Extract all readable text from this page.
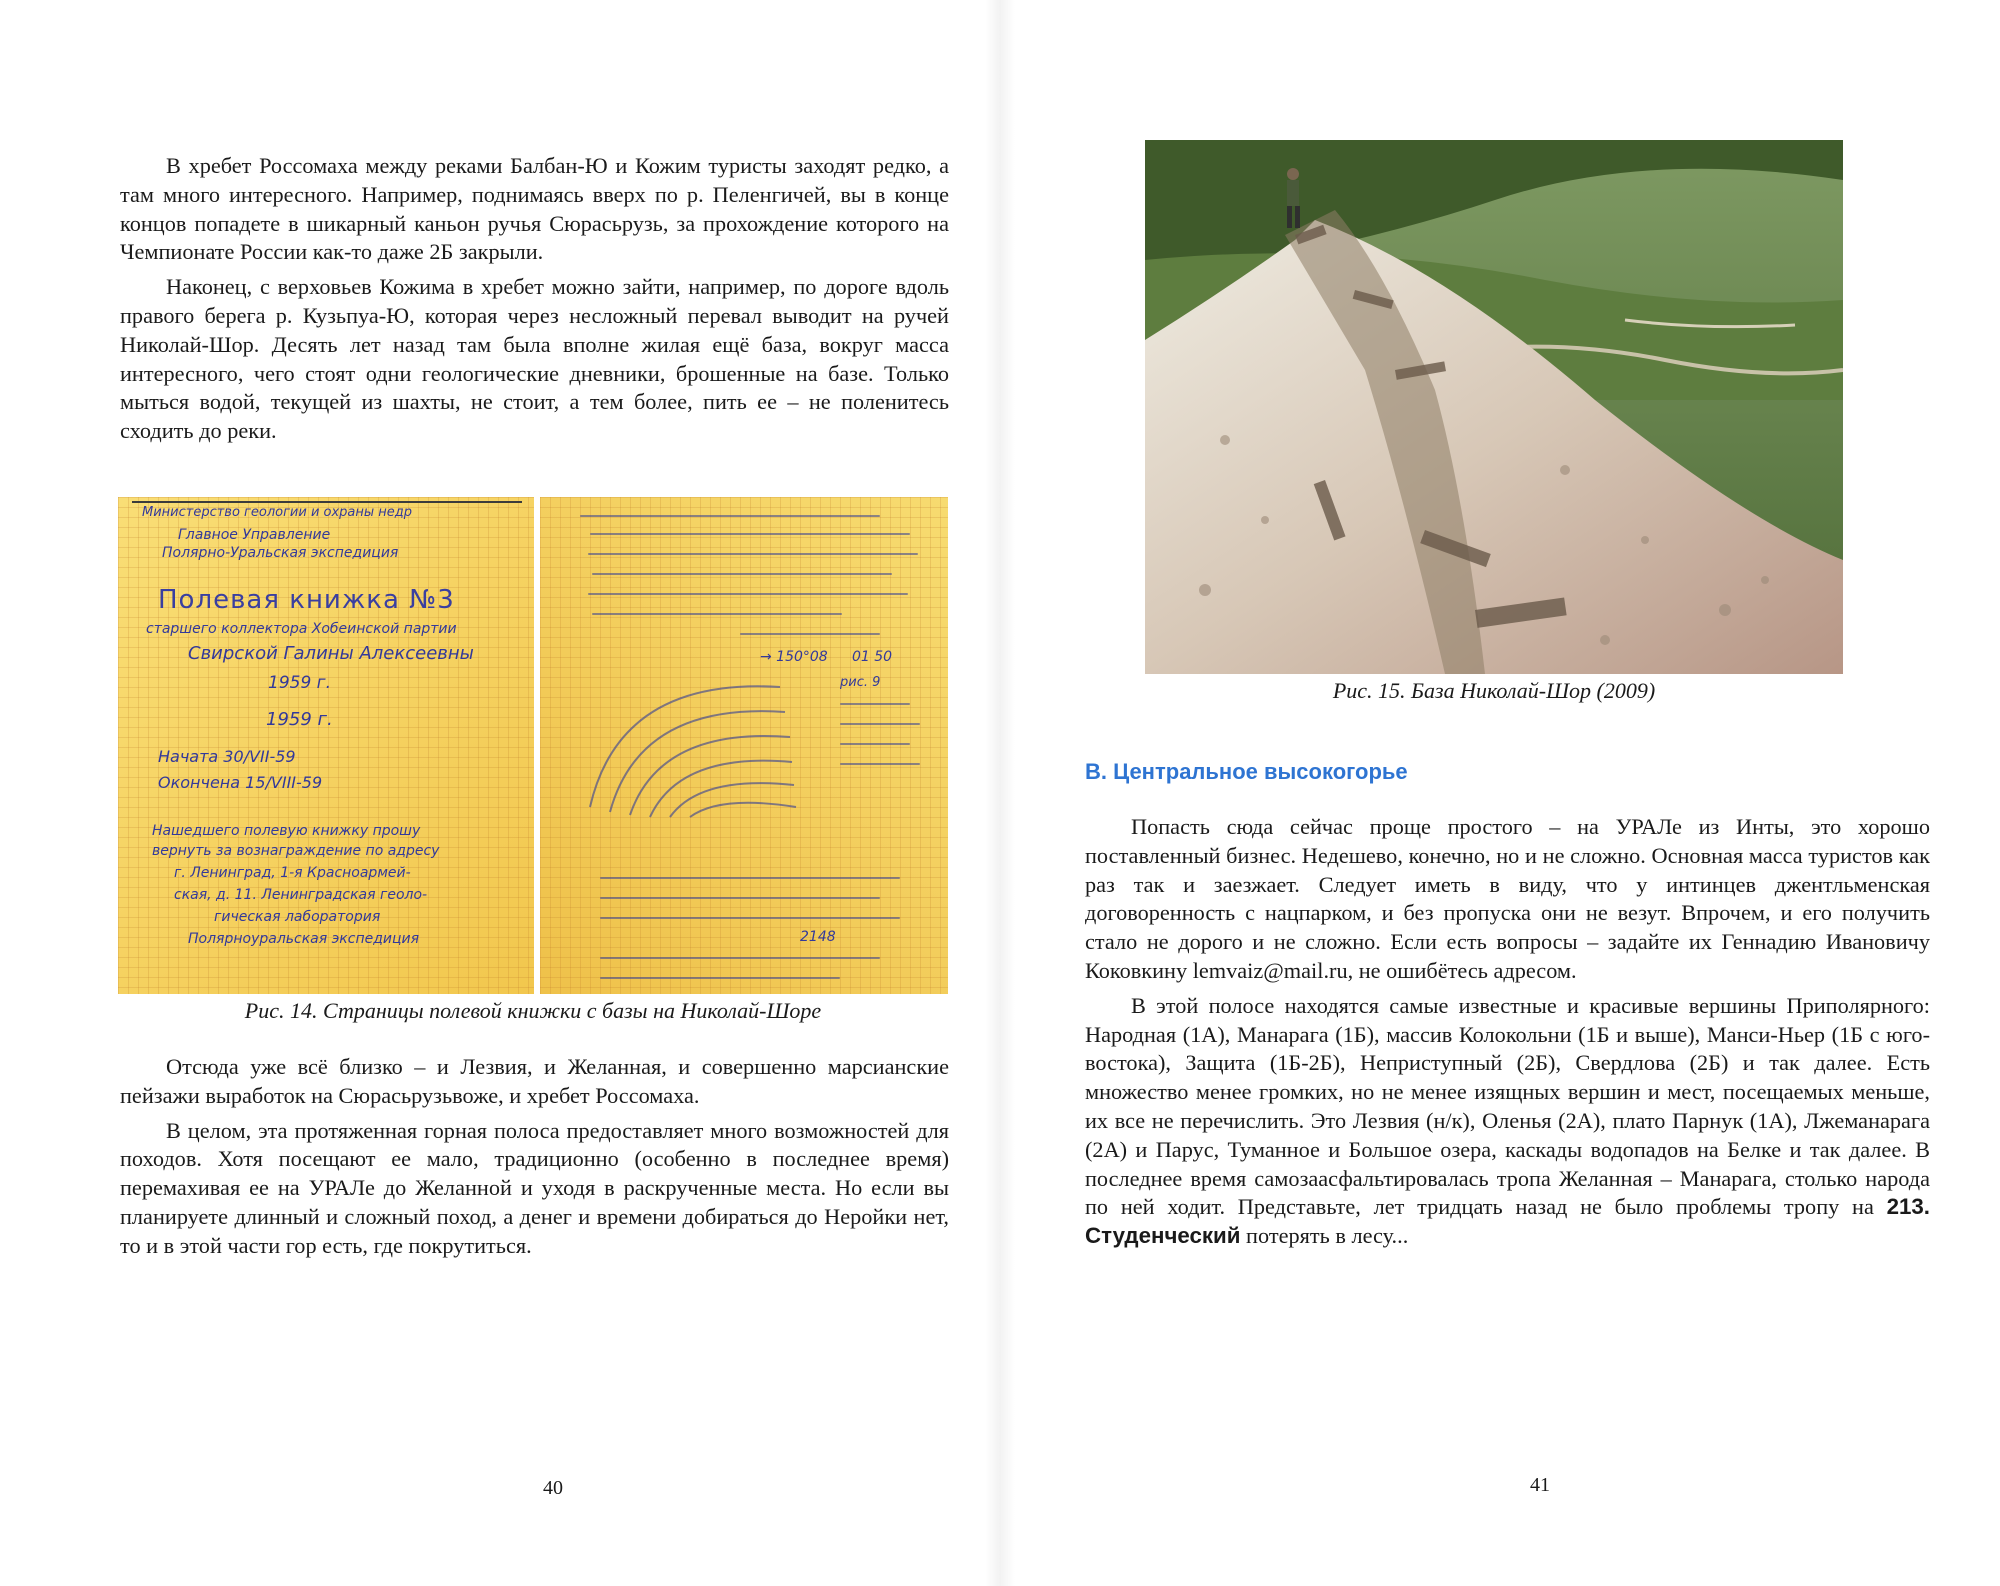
В хребет Россомаха между реками Балбан-Ю и Кожим туристы заходят редко, а там много интересного. Например, поднимаясь вверх по р. Пеленгичей, вы в конце концов попадете в шикарный каньон ручья Сюрасьрузь, за прохождение которого на Чемпионате России как-то даже 2Б закрыли.

Наконец, с верховьев Кожима в хребет можно зайти, например, по дороге вдоль правого берега р. Кузьпуа-Ю, которая через несложный перевал выводит на ручей Николай-Шор. Десять лет назад там была вполне жилая ещё база, вокруг масса интересного, чего стоят одни геологические дневники, брошенные на базе. Только мыться водой, текущей из шахты, не стоит, а тем более, пить ее – не поленитесь сходить до реки.

Министерство геологии и охраны недр
Главное Управление
Полярно-Уральская экспедиция
Полевая книжка №3
старшего коллектора Хобеинской партии
Свирской Галины Алексеевны
1959 г.
1959 г.
Начата 30/VII-59
Окончена 15/VIII-59
Нашедшего полевую книжку прошу
вернуть за вознаграждение по адресу
г. Ленинград, 1-я Красноармей-
ская, д. 11. Ленинградская геоло-
гическая лаборатория
Полярноуральская экспедиция
→ 150°08 01 50
рис. 9
2148
Рис. 14. Страницы полевой книжки с базы на Николай-Шоре

Отсюда уже всё близко – и Лезвия, и Желанная, и совершенно марсианские пейзажи выработок на Сюрасьрузьвоже, и хребет Россомаха.

В целом, эта протяженная горная полоса предоставляет много возможностей для походов. Хотя посещают ее мало, традиционно (особенно в последнее время) перемахивая ее на УРАЛе до Желанной и уходя в раскрученные места. Но если вы планируете длинный и сложный поход, а денег и времени добираться до Неройки нет, то и в этой части гор есть, где покрутиться.

40
Рис. 15. База Николай-Шор (2009)
В. Центральное высокогорье

Попасть сюда сейчас проще простого – на УРАЛе из Инты, это хорошо поставленный бизнес. Недешево, конечно, но и не сложно. Основная масса туристов как раз так и заезжает. Следует иметь в виду, что у интинцев джентльменская договоренность с нацпарком, и без пропуска они не везут. Впрочем, и его получить стало не дорого и не сложно. Если есть вопросы – задайте их Геннадию Ивановичу Коковкину lemvaiz@mail.ru, не ошибётесь адресом.

В этой полосе находятся самые известные и красивые вершины Приполярного: Народная (1А), Манарага (1Б), массив Колокольни (1Б и выше), Манси-Ньер (1Б с юго-востока), Защита (1Б-2Б), Неприступный (2Б), Свердлова (2Б) и так далее. Есть множество менее громких, но не менее изящных вершин и мест, посещаемых меньше, их все не перечислить. Это Лезвия (н/к), Оленья (2А), плато Парнук (1А), Лжеманарага (2А) и Парус, Туманное и Большое озера, каскады водопадов на Белке и так далее. В последнее время самозаасфальтировалась тропа Желанная – Манарага, столько народа по ней ходит. Представьте, лет тридцать назад не было проблемы тропу на 213. Студенческий потерять в лесу...

41
